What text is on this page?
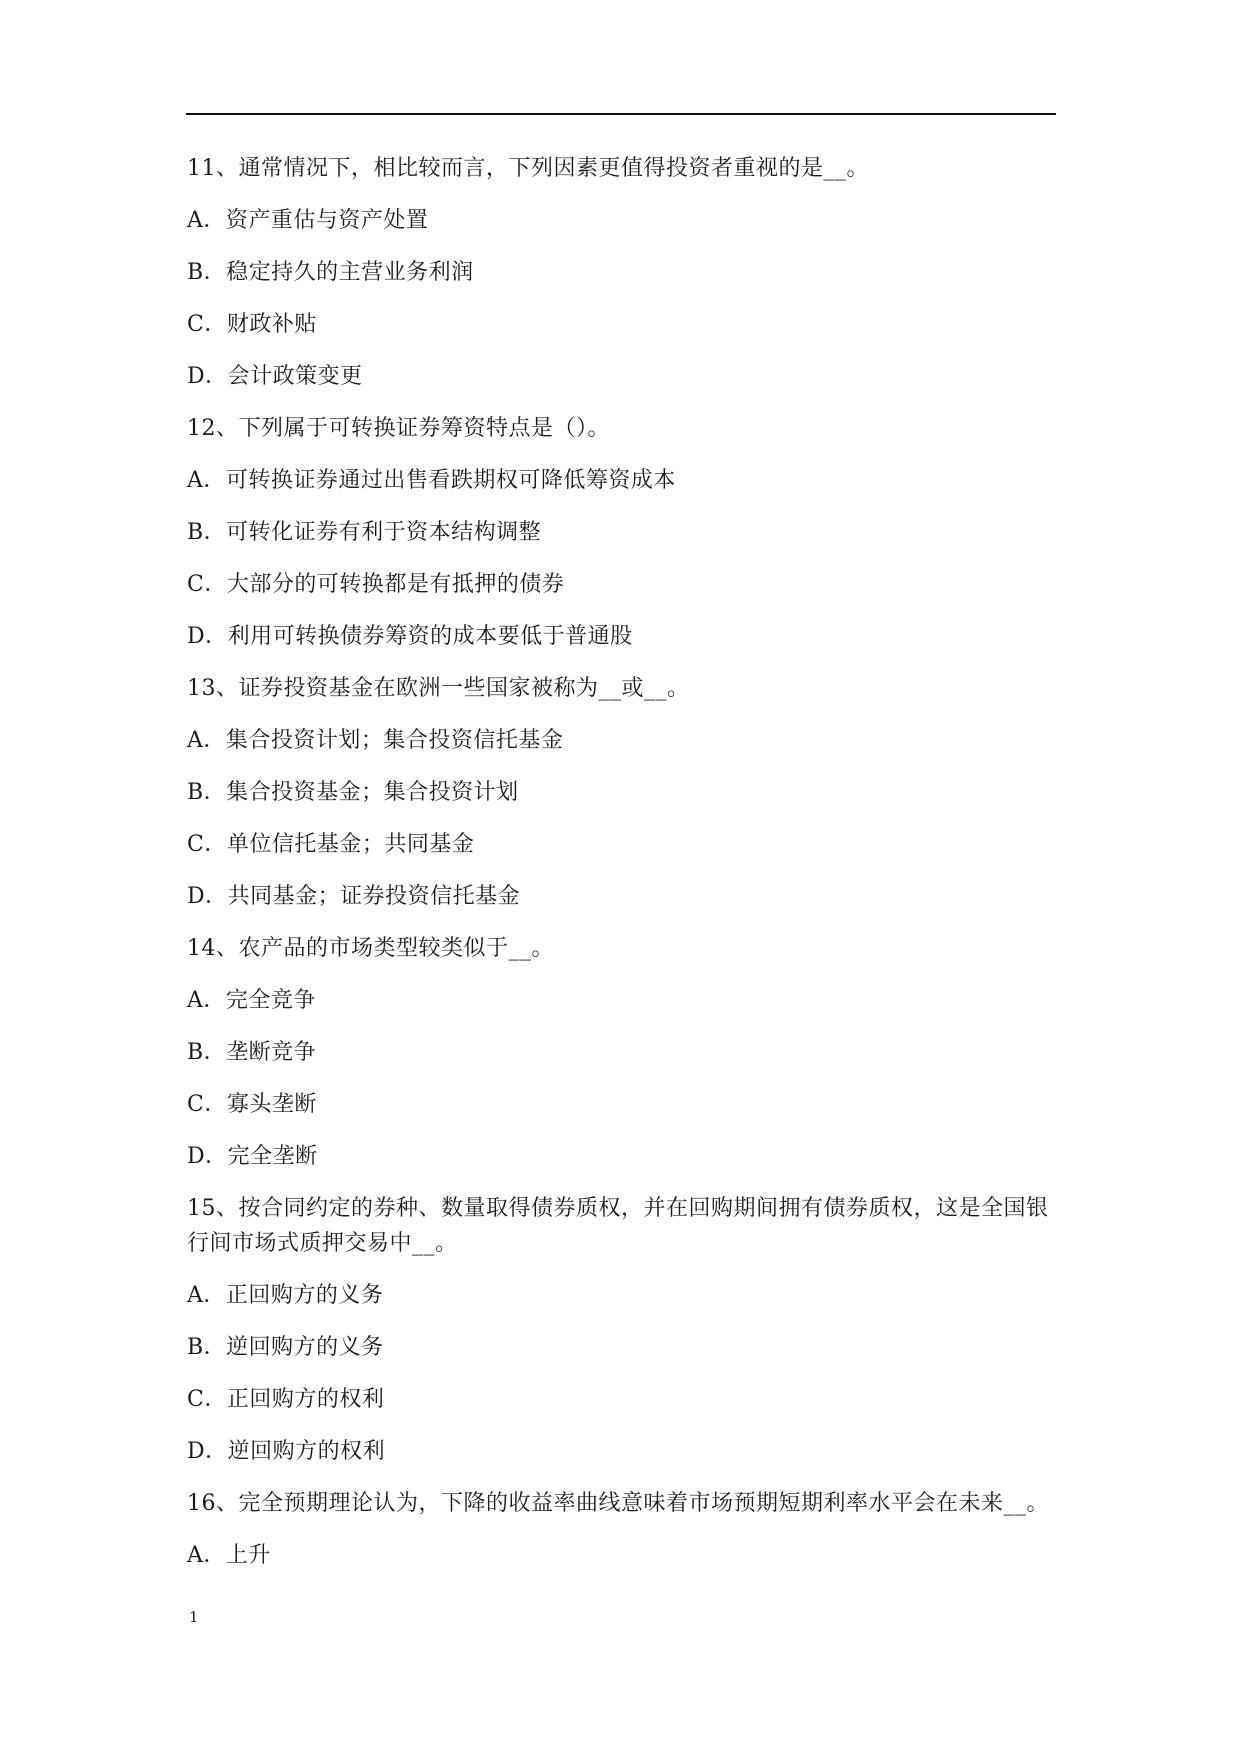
11、通常情况下，相比较而言，下列因素更值得投资者重视的是__。
A．资产重估与资产处置
B．稳定持久的主营业务利润
C．财政补贴
D．会计政策变更
12、下列属于可转换证券筹资特点是（）。
A．可转换证券通过出售看跌期权可降低筹资成本
B．可转化证券有利于资本结构调整
C．大部分的可转换都是有抵押的债券
D．利用可转换债券筹资的成本要低于普通股
13、证券投资基金在欧洲一些国家被称为__或__。
A．集合投资计划；集合投资信托基金
B．集合投资基金；集合投资计划
C．单位信托基金；共同基金
D．共同基金；证券投资信托基金
14、农产品的市场类型较类似于__。
A．完全竞争
B．垄断竞争
C．寡头垄断
D．完全垄断
15、按合同约定的券种、数量取得债券质权，并在回购期间拥有债券质权，这是全国银行间市场式质押交易中__。
A．正回购方的义务
B．逆回购方的义务
C．正回购方的权利
D．逆回购方的权利
16、完全预期理论认为，下降的收益率曲线意味着市场预期短期利率水平会在未来__。
A．上升
1
